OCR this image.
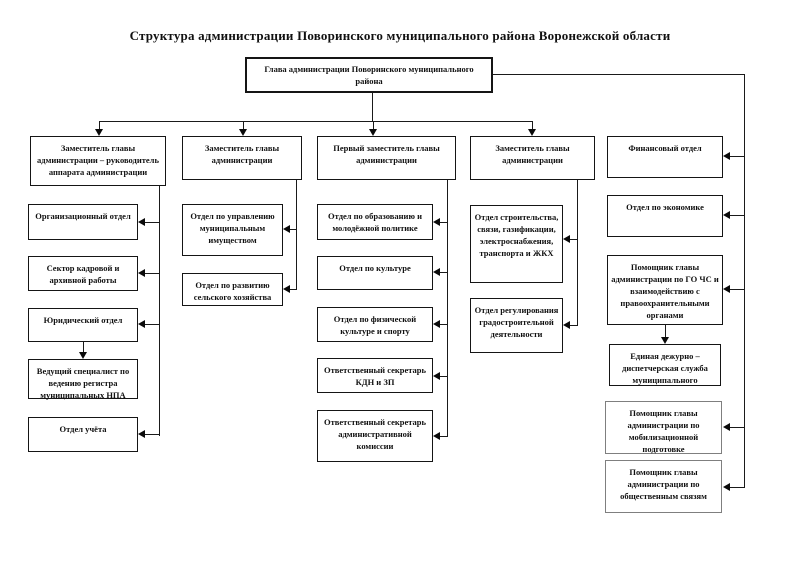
Структура администрации Поворинского муниципального района Воронежской области
Глава администрации Поворинского муниципального района
Заместитель главы администрации – руководитель аппарата администрации
Организационный отдел
Сектор кадровой и архивной работы
Юридический отдел
Ведущий специалист по ведению регистра муниципальных НПА
Отдел учёта
Заместитель главы администрации
Отдел по управлению муниципальным имуществом
Отдел по развитию сельского хозяйства
Первый заместитель главы администрации
Отдел по образованию и молодёжной политике
Отдел по культуре
Отдел по физической культуре и спорту
Ответственный секретарь КДН и ЗП
Ответственный секретарь административной комиссии
Заместитель главы администрации
Отдел строительства, связи, газификации, электроснабжения, транспорта и ЖКХ
Отдел регулирования градостроительной деятельности
Финансовый отдел
Отдел по экономике
Помощник главы администрации по ГО ЧС и взаимодействию с правоохранительными органами
Единая дежурно – диспетчерская служба муниципального
Помощник главы администрации по мобилизационной подготовке
Помощник главы администрации по общественным связям
